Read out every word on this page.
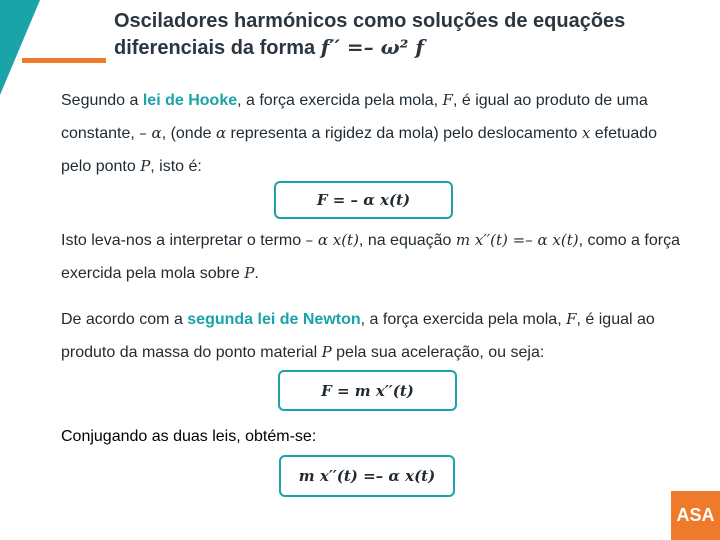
Osciladores harmónicos como soluções de equações
diferenciais da forma f′′ =– ω² f
Segundo a lei de Hooke, a força exercida pela mola, F, é igual ao produto de uma constante, – α, (onde α representa a rigidez da mola) pelo deslocamento x efetuado pelo ponto P, isto é:
F = – α x(t)
Isto leva-nos a interpretar o termo – α x(t), na equação m x′′(t) =– α x(t), como a força exercida pela mola sobre P.
De acordo com a segunda lei de Newton, a força exercida pela mola, F, é igual ao produto da massa do ponto material P pela sua aceleração, ou seja:
F = m x′′(t)
Conjugando as duas leis, obtém-se:
m x′′(t) =– α x(t)
ASA
